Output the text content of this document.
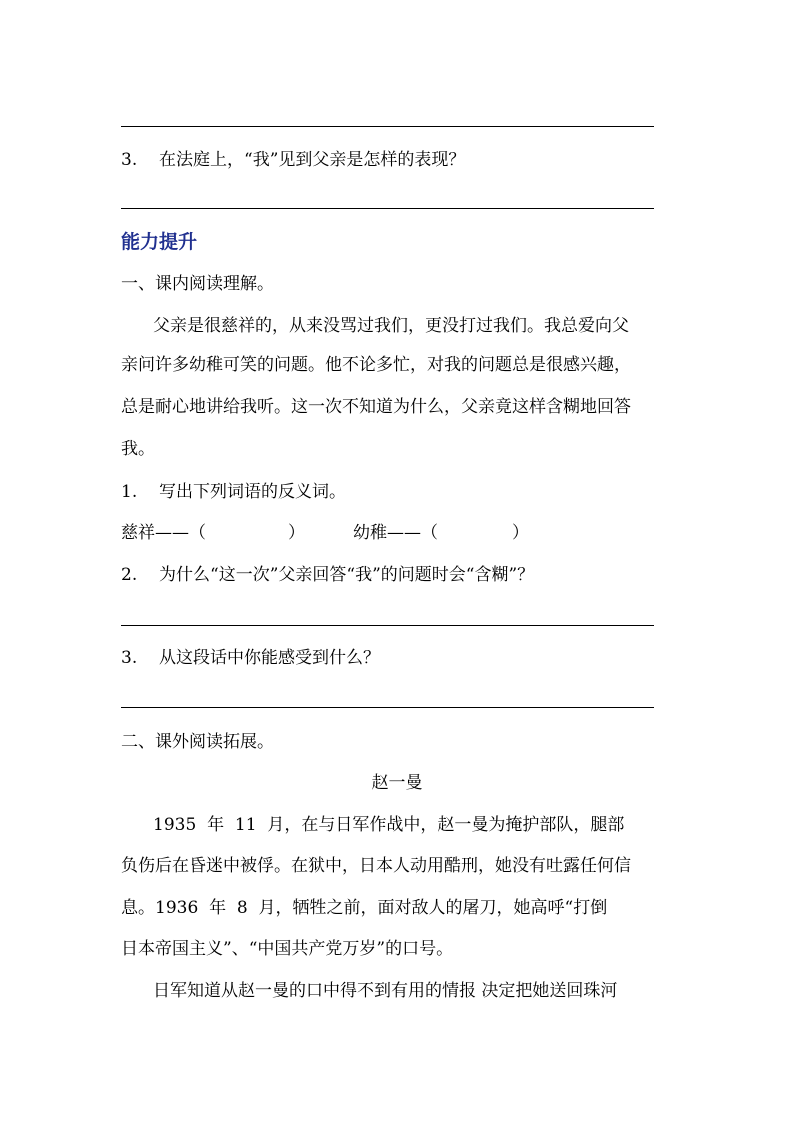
3. 在法庭上，“我”见到父亲是怎样的表现？
能力提升
一、课内阅读理解。
父亲是很慈祥的，从来没骂过我们，更没打过我们。我总爱向父
亲问许多幼稚可笑的问题。他不论多忙，对我的问题总是很感兴趣，
总是耐心地讲给我听。这一次不知道为什么，父亲竟这样含糊地回答
我。
1. 写出下列词语的反义词。
慈祥——（	）	幼稚——（	）
2. 为什么“这一次”父亲回答“我”的问题时会“含糊”？
3. 从这段话中你能感受到什么？
二、课外阅读拓展。
赵一曼
1935  年  11  月，在与日军作战中，赵一曼为掩护部队，腿部
负伤后在昏迷中被俘。在狱中，日本人动用酷刑，她没有吐露任何信
息。1936  年  8  月，牺牲之前，面对敌人的屠刀，她高呼“打倒
日本帝国主义”、“中国共产党万岁”的口号。
日军知道从赵一曼的口中得不到有用的情报 决定把她送回珠河
